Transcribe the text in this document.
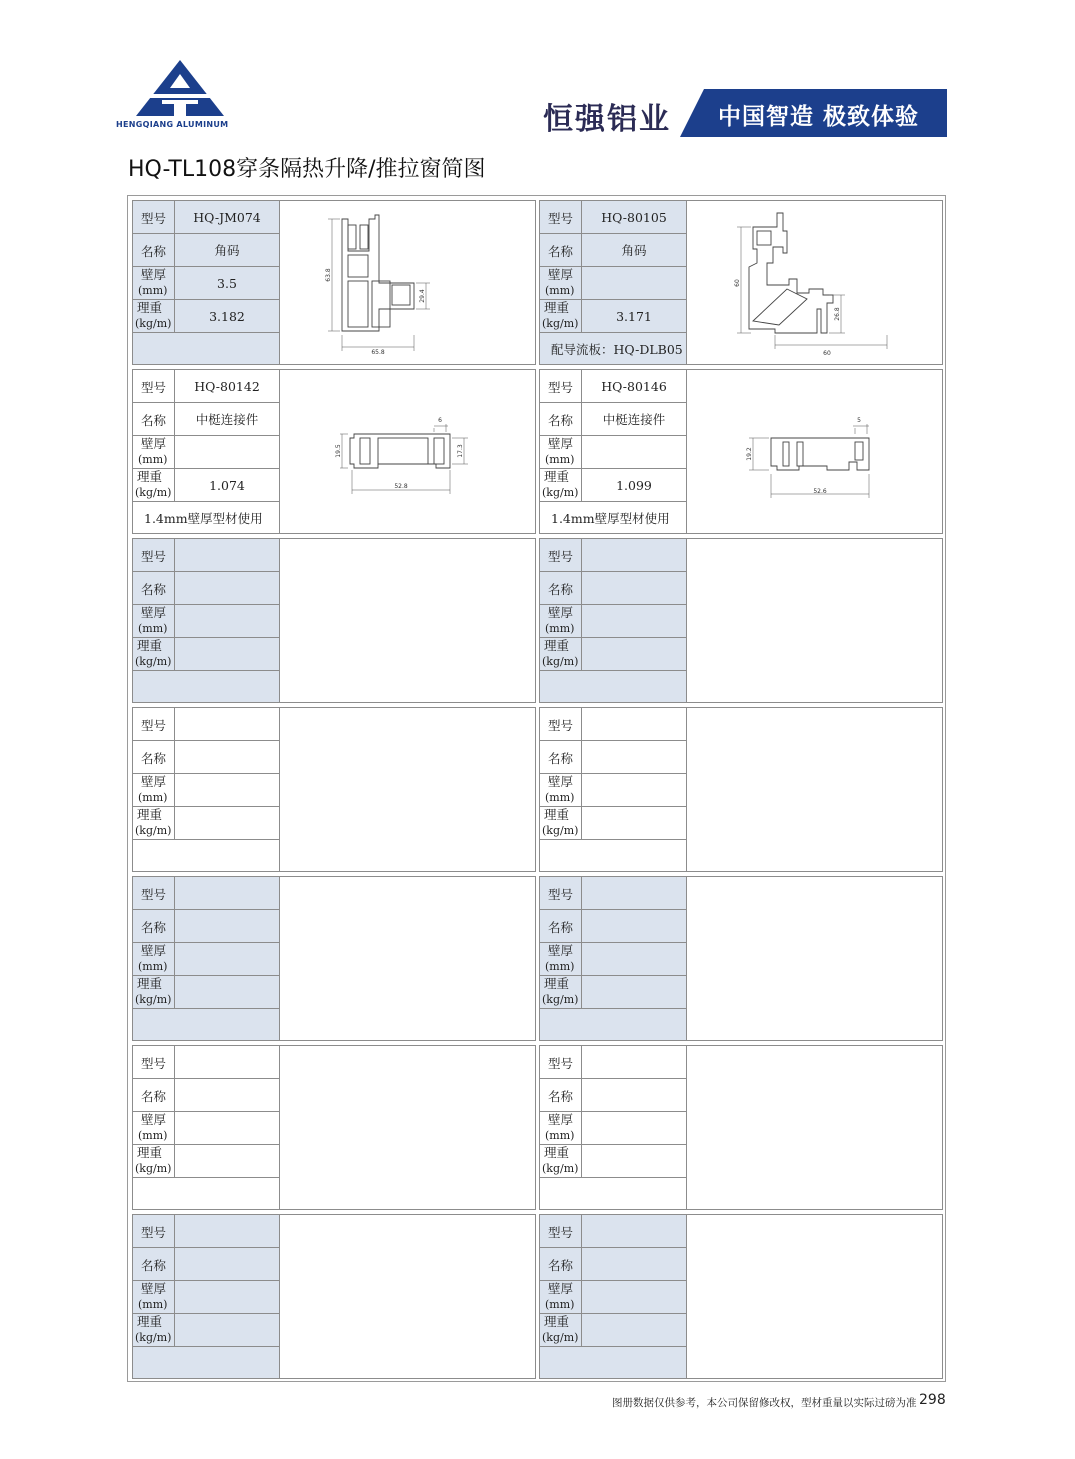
HENGQIANG ALUMINUM	恒强铝业 中国智造 极致体验
HQ-TL108穿条隔热升降/推拉窗简图
型号	HQ-JM074
名称	角码
壁厚
(mm)	3.5
理重
(kg/m)	3.182
63.8
29.4
65.8
型号	HQ-80105
名称	角码
壁厚
(mm)
理重
(kg/m)	3.171
配导流板：HQ-DLB05
60
26.8
60
型号	HQ-80142
名称	中梃连接件
壁厚
(mm)
理重
(kg/m)	1.074
1.4mm壁厚型材使用
6
19.5	17.3
52.8
型号	HQ-80146
名称	中梃连接件
壁厚
(mm)
理重
(kg/m)	1.099
1.4mm壁厚型材使用
5
19.2
52.6
型号
名称
壁厚
(mm)
理重
(kg/m)
型号
名称
壁厚
(mm)
理重
(kg/m)
型号
名称
壁厚
(mm)
理重
(kg/m)
型号
名称
壁厚
(mm)
理重
(kg/m)
型号
名称
壁厚
(mm)
理重
(kg/m)
型号
名称
壁厚
(mm)
理重
(kg/m)
型号
名称
壁厚
(mm)
理重
(kg/m)
型号
名称
壁厚
(mm)
理重
(kg/m)
型号
名称
壁厚
(mm)
理重
(kg/m)
型号
名称
壁厚
(mm)
理重
(kg/m)
图册数据仅供参考，本公司保留修改权，型材重量以实际过磅为准 298
